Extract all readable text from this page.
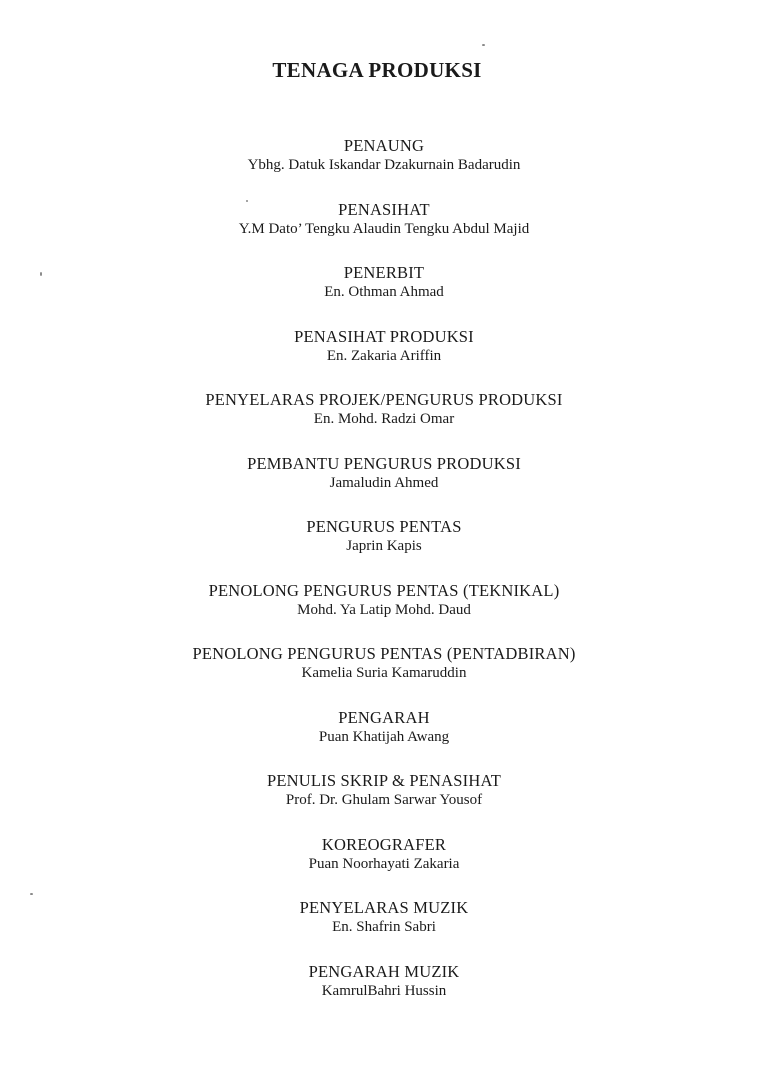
TENAGA PRODUKSI
PENAUNG
Ybhg. Datuk Iskandar Dzakurnain Badarudin
PENASIHAT
Y.M Dato’ Tengku Alaudin Tengku Abdul Majid
PENERBIT
En. Othman Ahmad
PENASIHAT PRODUKSI
En. Zakaria Ariffin
PENYELARAS PROJEK/PENGURUS PRODUKSI
En. Mohd. Radzi Omar
PEMBANTU PENGURUS PRODUKSI
Jamaludin Ahmed
PENGURUS PENTAS
Japrin Kapis
PENOLONG PENGURUS PENTAS (TEKNIKAL)
Mohd. Ya Latip Mohd. Daud
PENOLONG PENGURUS PENTAS (PENTADBIRAN)
Kamelia Suria Kamaruddin
PENGARAH
Puan Khatijah Awang
PENULIS SKRIP & PENASIHAT
Prof. Dr. Ghulam Sarwar Yousof
KOREOGRAFER
Puan Noorhayati Zakaria
PENYELARAS MUZIK
En. Shafrin Sabri
PENGARAH MUZIK
KamrulBahri Hussin
